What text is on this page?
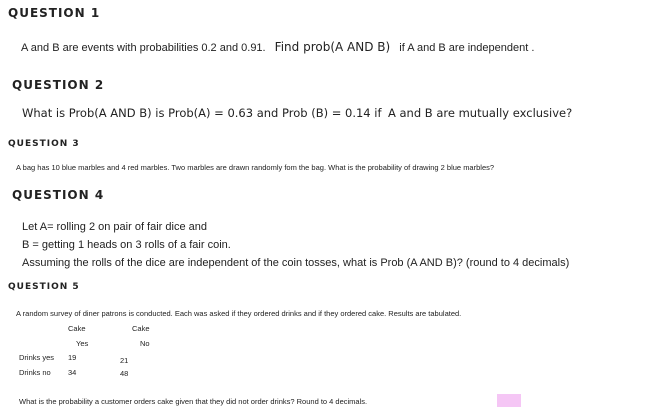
QUESTION 1
A and B are events with probabilities 0.2 and 0.91. Find prob(A AND B) if A and B are independent .
QUESTION 2
What is Prob(A AND B) is Prob(A) = 0.63 and Prob (B) = 0.14 if A and B are mutually exclusive?
QUESTION 3
A bag has 10 blue marbles and 4 red marbles. Two marbles are drawn randomly fom the bag. What is the probability of drawing 2 blue marbles?
QUESTION 4
Let A= rolling 2 on pair of fair dice and
B = getting 1 heads on 3 rolls of a fair coin.
Assuming the rolls of the dice are independent of the coin tosses, what is Prob (A AND B)? (round to 4 decimals)
QUESTION 5
A random survey of diner patrons is conducted. Each was asked if they ordered drinks and if they ordered cake. Results are tabulated.
Cake	Cake
Yes	No
Drinks yes 19	21
Drinks no 34	48
What is the probability a customer orders cake given that they did not order drinks? Round to 4 decimals.
